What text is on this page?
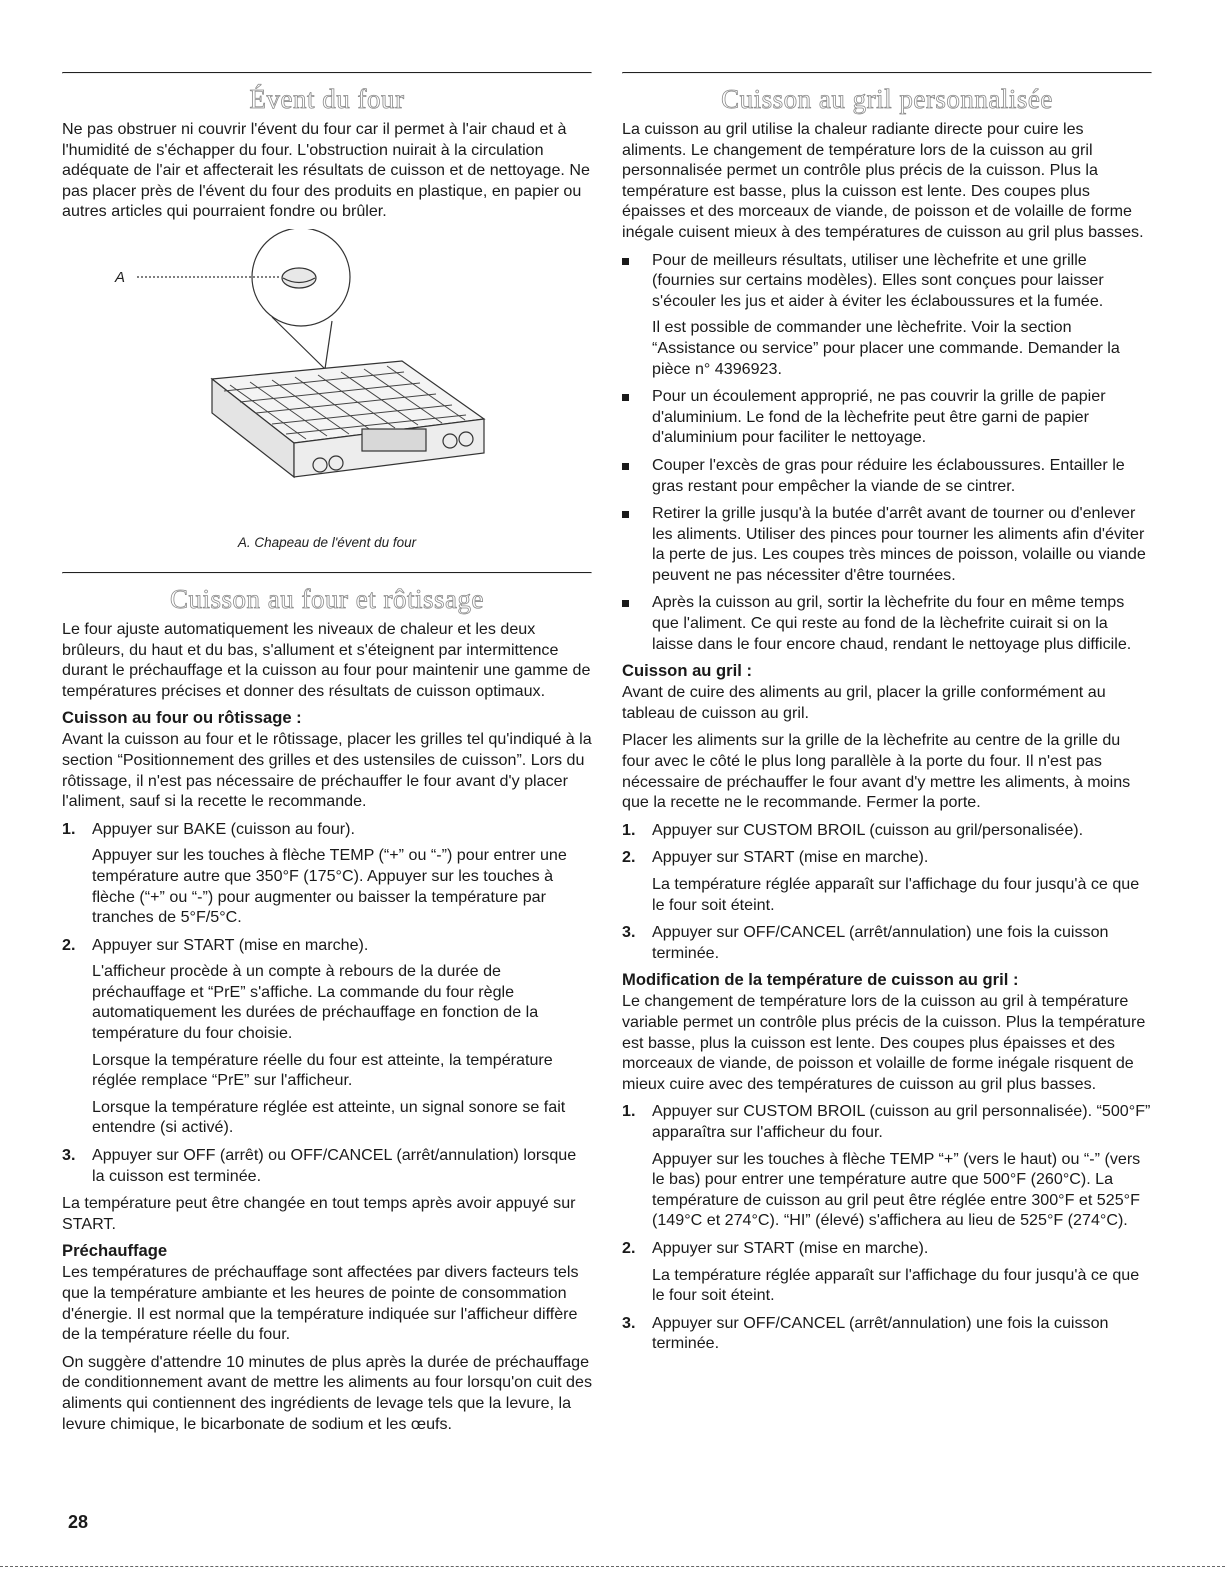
Évent du four

Ne pas obstruer ni couvrir l'évent du four car il permet à l'air chaud et à l'humidité de s'échapper du four. L'obstruction nuirait à la circulation adéquate de l'air et affecterait les résultats de cuisson et de nettoyage. Ne pas placer près de l'évent du four des produits en plastique, en papier ou autres articles qui pourraient fondre ou brûler.

A
A. Chapeau de l'évent du four
Cuisson au four et rôtissage

Le four ajuste automatiquement les niveaux de chaleur et les deux brûleurs, du haut et du bas, s'allument et s'éteignent par intermittence durant le préchauffage et la cuisson au four pour maintenir une gamme de températures précises et donner des résultats de cuisson optimaux.

Cuisson au four ou rôtissage :

Avant la cuisson au four et le rôtissage, placer les grilles tel qu'indiqué à la section “Positionnement des grilles et des ustensiles de cuisson”. Lors du rôtissage, il n'est pas nécessaire de préchauffer le four avant d'y placer l'aliment, sauf si la recette le recommande.

1. Appuyer sur BAKE (cuisson au four).

Appuyer sur les touches à flèche TEMP (“+” ou “-”) pour entrer une température autre que 350°F (175°C). Appuyer sur les touches à flèche (“+” ou “-”) pour augmenter ou baisser la température par tranches de 5°F/5°C.

2. Appuyer sur START (mise en marche).

L'afficheur procède à un compte à rebours de la durée de préchauffage et “PrE” s'affiche. La commande du four règle automatiquement les durées de préchauffage en fonction de la température du four choisie.

Lorsque la température réelle du four est atteinte, la température réglée remplace “PrE” sur l'afficheur.

Lorsque la température réglée est atteinte, un signal sonore se fait entendre (si activé).

3. Appuyer sur OFF (arrêt) ou OFF/CANCEL (arrêt/annulation) lorsque la cuisson est terminée.

La température peut être changée en tout temps après avoir appuyé sur START.

Préchauffage

Les températures de préchauffage sont affectées par divers facteurs tels que la température ambiante et les heures de pointe de consommation d'énergie. Il est normal que la température indiquée sur l'afficheur diffère de la température réelle du four.

On suggère d'attendre 10 minutes de plus après la durée de préchauffage de conditionnement avant de mettre les aliments au four lorsqu'on cuit des aliments qui contiennent des ingrédients de levage tels que la levure, la levure chimique, le bicarbonate de sodium et les œufs.

Cuisson au gril personnalisée

La cuisson au gril utilise la chaleur radiante directe pour cuire les aliments. Le changement de température lors de la cuisson au gril personnalisée permet un contrôle plus précis de la cuisson. Plus la température est basse, plus la cuisson est lente. Des coupes plus épaisses et des morceaux de viande, de poisson et de volaille de forme inégale cuisent mieux à des températures de cuisson au gril plus basses.

Pour de meilleurs résultats, utiliser une lèchefrite et une grille (fournies sur certains modèles). Elles sont conçues pour laisser s'écouler les jus et aider à éviter les éclaboussures et la fumée.

Il est possible de commander une lèchefrite. Voir la section “Assistance ou service” pour placer une commande. Demander la pièce n° 4396923.

Pour un écoulement approprié, ne pas couvrir la grille de papier d'aluminium. Le fond de la lèchefrite peut être garni de papier d'aluminium pour faciliter le nettoyage.

Couper l'excès de gras pour réduire les éclaboussures. Entailler le gras restant pour empêcher la viande de se cintrer.

Retirer la grille jusqu'à la butée d'arrêt avant de tourner ou d'enlever les aliments. Utiliser des pinces pour tourner les aliments afin d'éviter la perte de jus. Les coupes très minces de poisson, volaille ou viande peuvent ne pas nécessiter d'être tournées.

Après la cuisson au gril, sortir la lèchefrite du four en même temps que l'aliment. Ce qui reste au fond de la lèchefrite cuirait si on la laisse dans le four encore chaud, rendant le nettoyage plus difficile.

Cuisson au gril :

Avant de cuire des aliments au gril, placer la grille conformément au tableau de cuisson au gril.

Placer les aliments sur la grille de la lèchefrite au centre de la grille du four avec le côté le plus long parallèle à la porte du four. Il n'est pas nécessaire de préchauffer le four avant d'y mettre les aliments, à moins que la recette ne le recommande. Fermer la porte.

1. Appuyer sur CUSTOM BROIL (cuisson au gril/personalisée).

2. Appuyer sur START (mise en marche).

La température réglée apparaît sur l'affichage du four jusqu'à ce que le four soit éteint.

3. Appuyer sur OFF/CANCEL (arrêt/annulation) une fois la cuisson terminée.

Modification de la température de cuisson au gril :

Le changement de température lors de la cuisson au gril à température variable permet un contrôle plus précis de la cuisson. Plus la température est basse, plus la cuisson est lente. Des coupes plus épaisses et des morceaux de viande, de poisson et volaille de forme inégale risquent de mieux cuire avec des températures de cuisson au gril plus basses.

1. Appuyer sur CUSTOM BROIL (cuisson au gril personnalisée). “500°F” apparaîtra sur l'afficheur du four.

Appuyer sur les touches à flèche TEMP “+” (vers le haut) ou “-” (vers le bas) pour entrer une température autre que 500°F (260°C). La température de cuisson au gril peut être réglée entre 300°F et 525°F (149°C et 274°C). “HI” (élevé) s'affichera au lieu de 525°F (274°C).

2. Appuyer sur START (mise en marche).

La température réglée apparaît sur l'affichage du four jusqu'à ce que le four soit éteint.

3. Appuyer sur OFF/CANCEL (arrêt/annulation) une fois la cuisson terminée.

28
